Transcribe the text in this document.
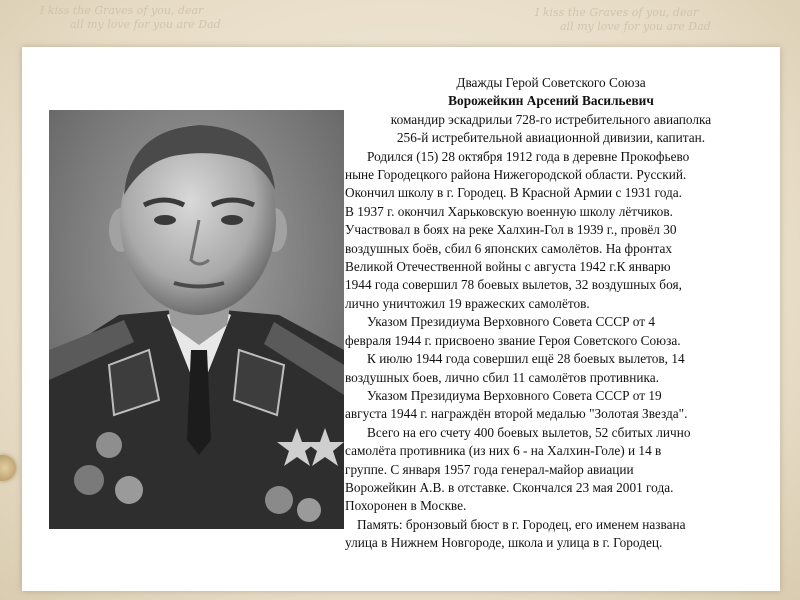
I kiss the Graves of you, dear
all my love for you are Dad
I kiss the Graves of you, dear
all my love for you are Dad
Дважды Герой Советского Союза
Ворожейкин Арсений Васильевич
командир эскадрильи 728-го истребительного авиаполка
256-й истребительной авиационной дивизии, капитан.
Родился (15) 28 октября 1912 года в деревне Прокофьево
ныне Городецкого района Нижегородской области. Русский.
Окончил школу в г. Городец. В Красной Армии с 1931 года.
В 1937 г. окончил Харьковскую военную школу лётчиков.
Участвовал в боях на реке Халхин-Гол в 1939 г., провёл 30
воздушных боёв, сбил 6 японских самолётов. На фронтах
Великой Отечественной войны с августа 1942 г.К январю
1944 года совершил 78 боевых вылетов, 32 воздушных боя,
лично уничтожил 19 вражеских самолётов.
Указом Президиума Верховного Совета СССР от 4
февраля 1944 г. присвоено звание Героя Советского Союза.
К июлю 1944 года совершил ещё 28 боевых вылетов, 14
воздушных боев, лично сбил 11 самолётов противника.
Указом Президиума Верховного Совета СССР от 19
августа 1944 г. награждён второй медалью "Золотая Звезда".
Всего на его счету 400 боевых вылетов, 52 сбитых лично
самолёта противника (из них 6 - на Халхин-Голе) и 14 в
группе. С января 1957 года генерал-майор авиации
Ворожейкин А.В. в отставке. Скончался 23 мая 2001 года.
Похоронен в Москве.
Память: бронзовый бюст в г. Городец, его именем названа
улица в Нижнем Новгороде, школа и улица в г. Городец.
